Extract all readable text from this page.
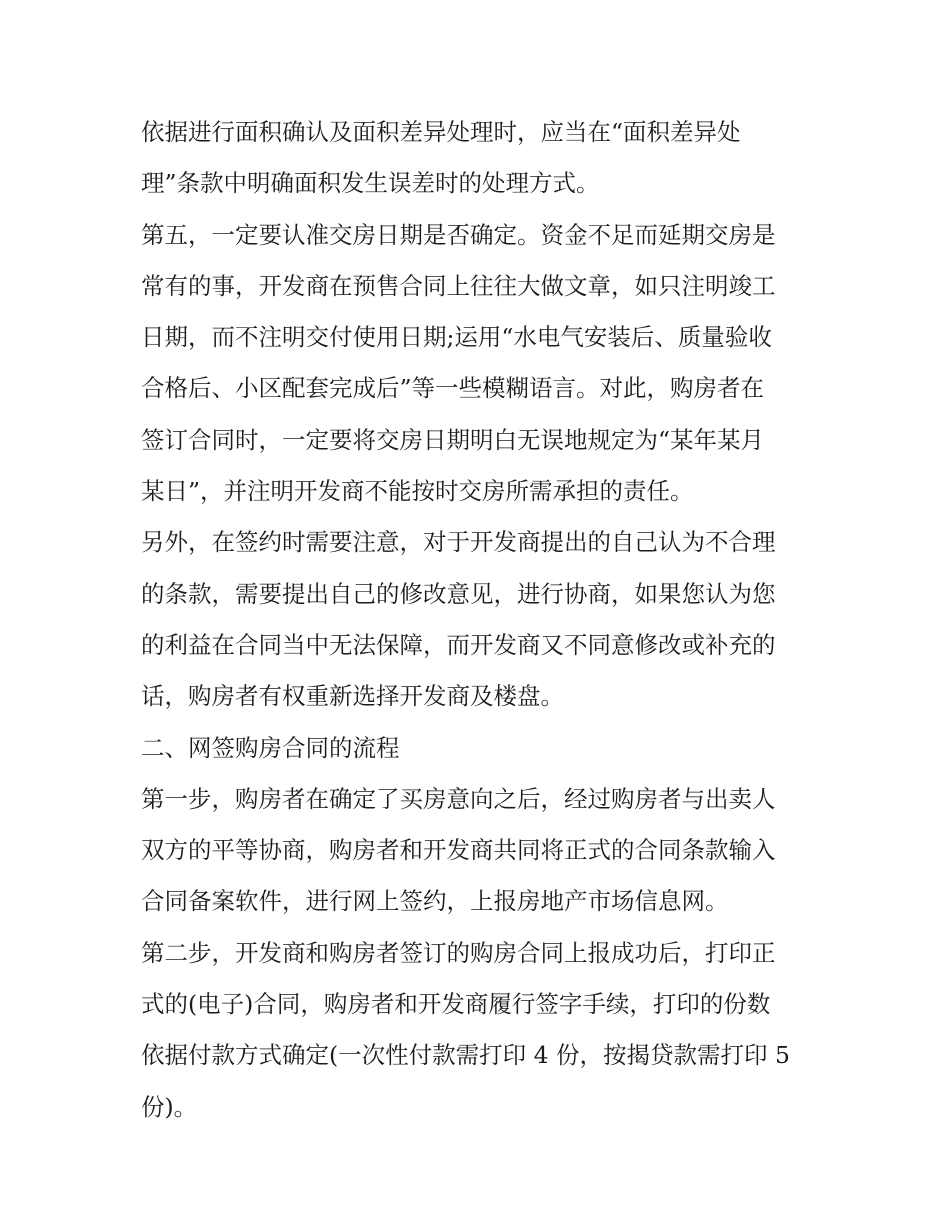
依据进行面积确认及面积差异处理时，应当在“面积差异处
理”条款中明确面积发生误差时的处理方式。
第五，一定要认准交房日期是否确定。资金不足而延期交房是
常有的事，开发商在预售合同上往往大做文章，如只注明竣工
日期，而不注明交付使用日期;运用“水电气安装后、质量验收
合格后、小区配套完成后”等一些模糊语言。对此，购房者在
签订合同时，一定要将交房日期明白无误地规定为“某年某月
某日”，并注明开发商不能按时交房所需承担的责任。
另外，在签约时需要注意，对于开发商提出的自己认为不合理
的条款，需要提出自己的修改意见，进行协商，如果您认为您
的利益在合同当中无法保障，而开发商又不同意修改或补充的
话，购房者有权重新选择开发商及楼盘。
二、网签购房合同的流程
第一步，购房者在确定了买房意向之后，经过购房者与出卖人
双方的平等协商，购房者和开发商共同将正式的合同条款输入
合同备案软件，进行网上签约，上报房地产市场信息网。
第二步，开发商和购房者签订的购房合同上报成功后，打印正
式的(电子)合同，购房者和开发商履行签字手续，打印的份数
依据付款方式确定(一次性付款需打印 4 份，按揭贷款需打印 5
份)。
